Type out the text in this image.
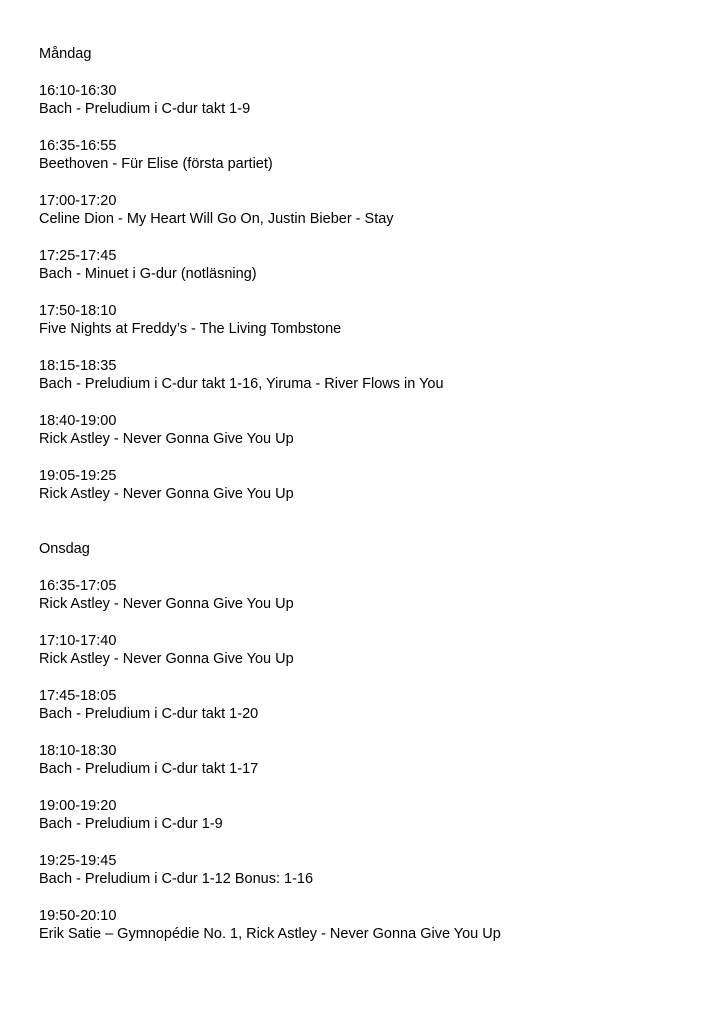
Måndag
16:10-16:30
Bach - Preludium i C-dur takt 1-9
16:35-16:55
Beethoven - Für Elise (första partiet)
17:00-17:20
Celine Dion - My Heart Will Go On, Justin Bieber - Stay
17:25-17:45
Bach - Minuet i G-dur (notläsning)
17:50-18:10
Five Nights at Freddy’s - The Living Tombstone
18:15-18:35
Bach - Preludium i C-dur takt 1-16, Yiruma - River Flows in You
18:40-19:00
Rick Astley - Never Gonna Give You Up
19:05-19:25
Rick Astley - Never Gonna Give You Up
Onsdag
16:35-17:05
Rick Astley - Never Gonna Give You Up
17:10-17:40
Rick Astley - Never Gonna Give You Up
17:45-18:05
Bach - Preludium i C-dur takt 1-20
18:10-18:30
Bach - Preludium i C-dur takt 1-17
19:00-19:20
Bach - Preludium i C-dur 1-9
19:25-19:45
Bach - Preludium i C-dur 1-12 Bonus: 1-16
19:50-20:10
Erik Satie – Gymnopédie No. 1, Rick Astley - Never Gonna Give You Up
